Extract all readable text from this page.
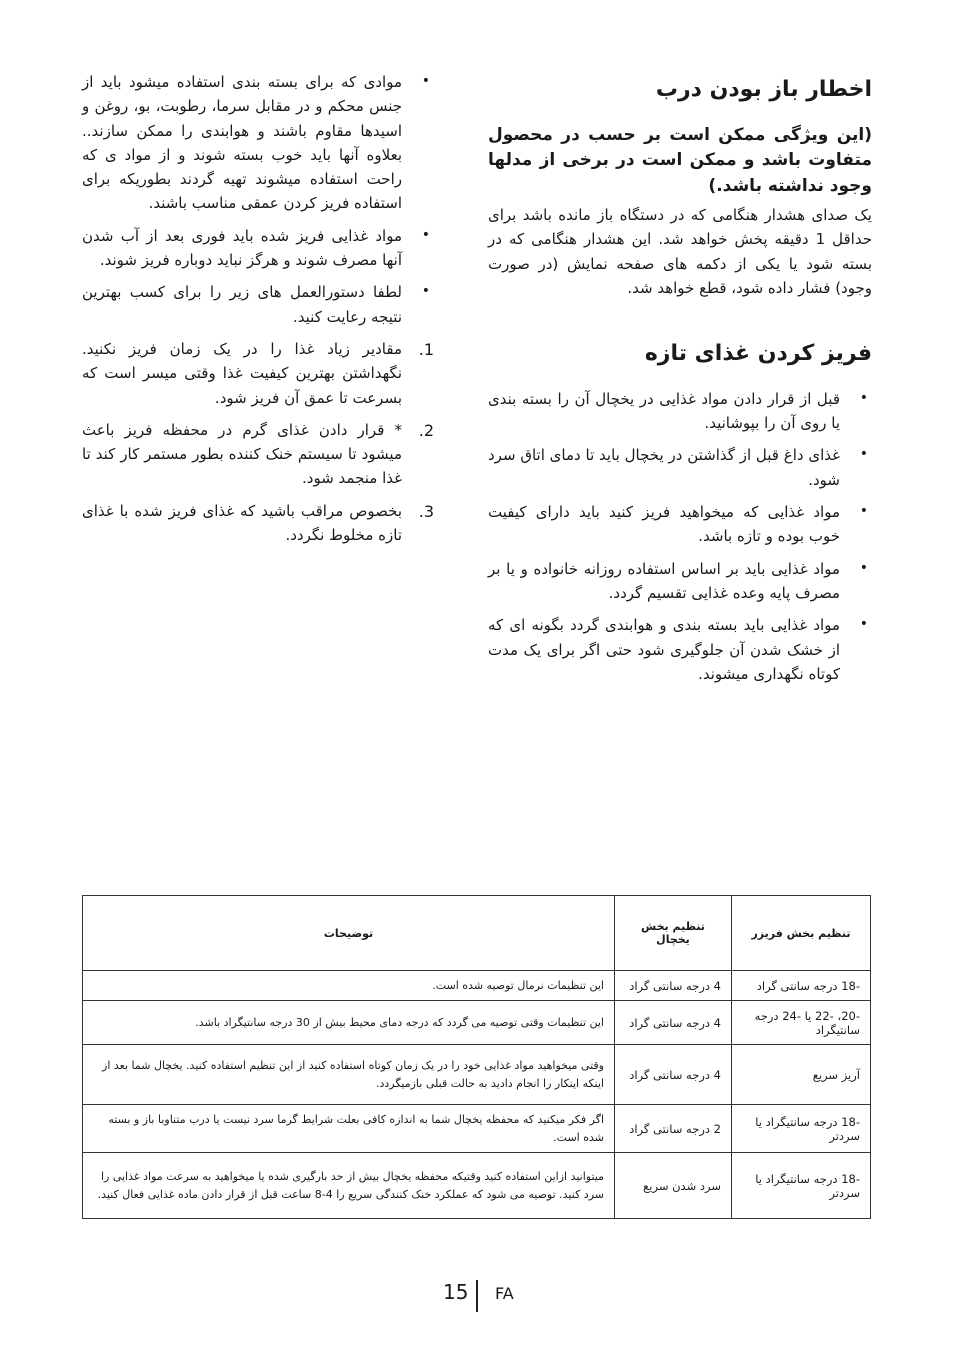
اخطار باز بودن درب

(این ویژگی ممکن است بر حسب در محصول متفاوت باشد و ممکن است در برخی از مدلها وجود نداشته باشد.)

یک صدای هشدار هنگامی که در دستگاه باز مانده باشد برای حداقل 1 دقیقه پخش خواهد شد. این هشدار هنگامی که در بسته شود یا یکی از دکمه های صفحه نمایش (در صورت وجود) فشار داده شود، قطع خواهد شد.

فریز کردن غذای تازه
• قبل از قرار دادن مواد غذایی در یخچال آن را بسته بندی یا روی آن را بپوشانید.
• غذای داغ قبل از گذاشتن در یخچال باید تا دمای اتاق سرد شود.
• مواد غذایی که میخواهید فریز کنید باید دارای کیفیت خوب بوده و تازه باشد.
• مواد غذایی باید بر اساس استفاده روزانه خانواده و یا بر مصرف پایه وعده غذایی تقسیم گردد.
• مواد غذایی باید بسته بندی و هوابندی گردد بگونه ای که از خشک شدن آن جلوگیری شود حتی اگر برای یک مدت کوتاه نگهداری میشوند.
• موادی که برای بسته بندی استفاده میشود باید از جنس محکم و در مقابل سرما، رطوبت، بو، روغن و اسیدها مقاوم باشند و هوابندی را ممکن سازند.. بعلاوه آنها باید خوب بسته شوند و از مواد ی که راحت استفاده میشوند تهیه گردند بطوریکه برای استفاده فریز کردن عمقی مناسب باشند.
• مواد غذایی فریز شده باید فوری بعد از آب شدن آنها مصرف شوند و هرگز نباید دوباره فریز شوند.
• لطفا دستورالعمل های زیر را برای کسب بهترین نتیجه رعایت کنید.
1.
مقادیر زیاد غذا را در یک زمان فریز نکنید. نگهداشتن بهترین کیفیت غذا وقتی میسر است که بسرعت تا عمق آن فریز شود.
2.
* قرار دادن غذای گرم در محفظه فریز باعث میشود تا سیستم خنک کننده بطور مستمر کار کند تا غذا منجمد شود.
3.
بخصوص مراقب باشید که غذای فریز شده با غذای تازه مخلوط نگردد.
تنظیم بخش فریزر	تنظیم بخش یخچال	توضیحات
-18 درجه سانتی گراد	4 درجه سانتی گراد	این تنظیمات نرمال توصیه شده است.
-20، -22 یا -24 درجه سانتیگراد	4 درجه سانتی گراد	این تنظیمات وقتی توصیه می گردد که درجه دمای محیط بیش از 30 درجه سانتیگراد باشد.
آریز سریع	4 درجه سانتی گراد	وقتی میخواهید مواد غذایی خود را در یک زمان کوتاه استفاده کنید از این تنظیم استفاده کنید. یخچال شما بعد از اینکه اینکار را انجام دادید به حالت قبلی بازمیگردد.
-18 درجه سانتیگراد یا سردتر	2 درجه سانتی گراد	اگر فکر میکنید که محفظه یخچال شما به اندازه کافی بعلت شرایط گرما سرد نیست یا درب متناوبا باز و بسته شده است.
-18 درجه سانتیگراد یا سردتر	سرد شدن سریع	میتوانید ازاین استفاده کنید وقتیکه محفظه یخچال بیش از حد بارگیری شده یا میخواهید به سرعت مواد غذایی را سرد کنید. توصیه می شود که عملکرد خنک کنندگی سریع را 4-8 ساعت قبل از قرار دادن ماده غذایی فعال کنید.
15 FA
